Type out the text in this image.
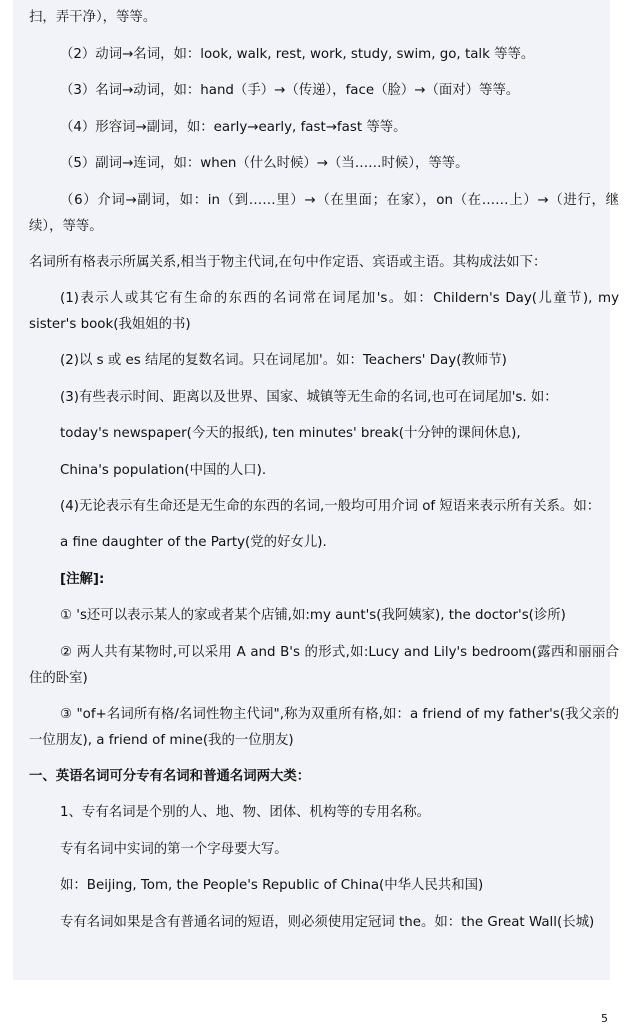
扫，弄干净），等等。

（2）动词→名词，如：look, walk, rest, work, study, swim, go, talk 等等。

（3）名词→动词，如：hand（手）→（传递），face（脸）→（面对）等等。

（4）形容词→副词，如：early→early, fast→fast 等等。

（5）副词→连词，如：when（什么时候）→（当……时候），等等。

（6）介词→副词，如：in（到……里）→（在里面；在家），on（在……上）→（进行，继续），等等。

名词所有格表示所属关系,相当于物主代词,在句中作定语、宾语或主语。其构成法如下：

(1)表示人或其它有生命的东西的名词常在词尾加's。如：Childern's Day(儿童节), my sister's book(我姐姐的书)

(2)以 s 或 es 结尾的复数名词。只在词尾加'。如：Teachers' Day(教师节)

(3)有些表示时间、距离以及世界、国家、城镇等无生命的名词,也可在词尾加's. 如：

today's newspaper(今天的报纸), ten minutes' break(十分钟的课间休息),

China's population(中国的人口).

(4)无论表示有生命还是无生命的东西的名词,一般均可用介词 of 短语来表示所有关系。如：

a fine daughter of the Party(党的好女儿).

[注解]:

① 's还可以表示某人的家或者某个店铺,如:my aunt's(我阿姨家), the doctor's(诊所)

② 两人共有某物时,可以采用 A and B's 的形式,如:Lucy and Lily's bedroom(露西和丽丽合住的卧室)

③ "of+名词所有格/名词性物主代词",称为双重所有格,如：a friend of my father's(我父亲的一位朋友), a friend of mine(我的一位朋友)

一、英语名词可分专有名词和普通名词两大类：

1、专有名词是个别的人、地、物、团体、机构等的专用名称。

专有名词中实词的第一个字母要大写。

如：Beijing, Tom, the People's Republic of China(中华人民共和国)

专有名词如果是含有普通名词的短语，则必须使用定冠词 the。如：the Great Wall(长城)

5
